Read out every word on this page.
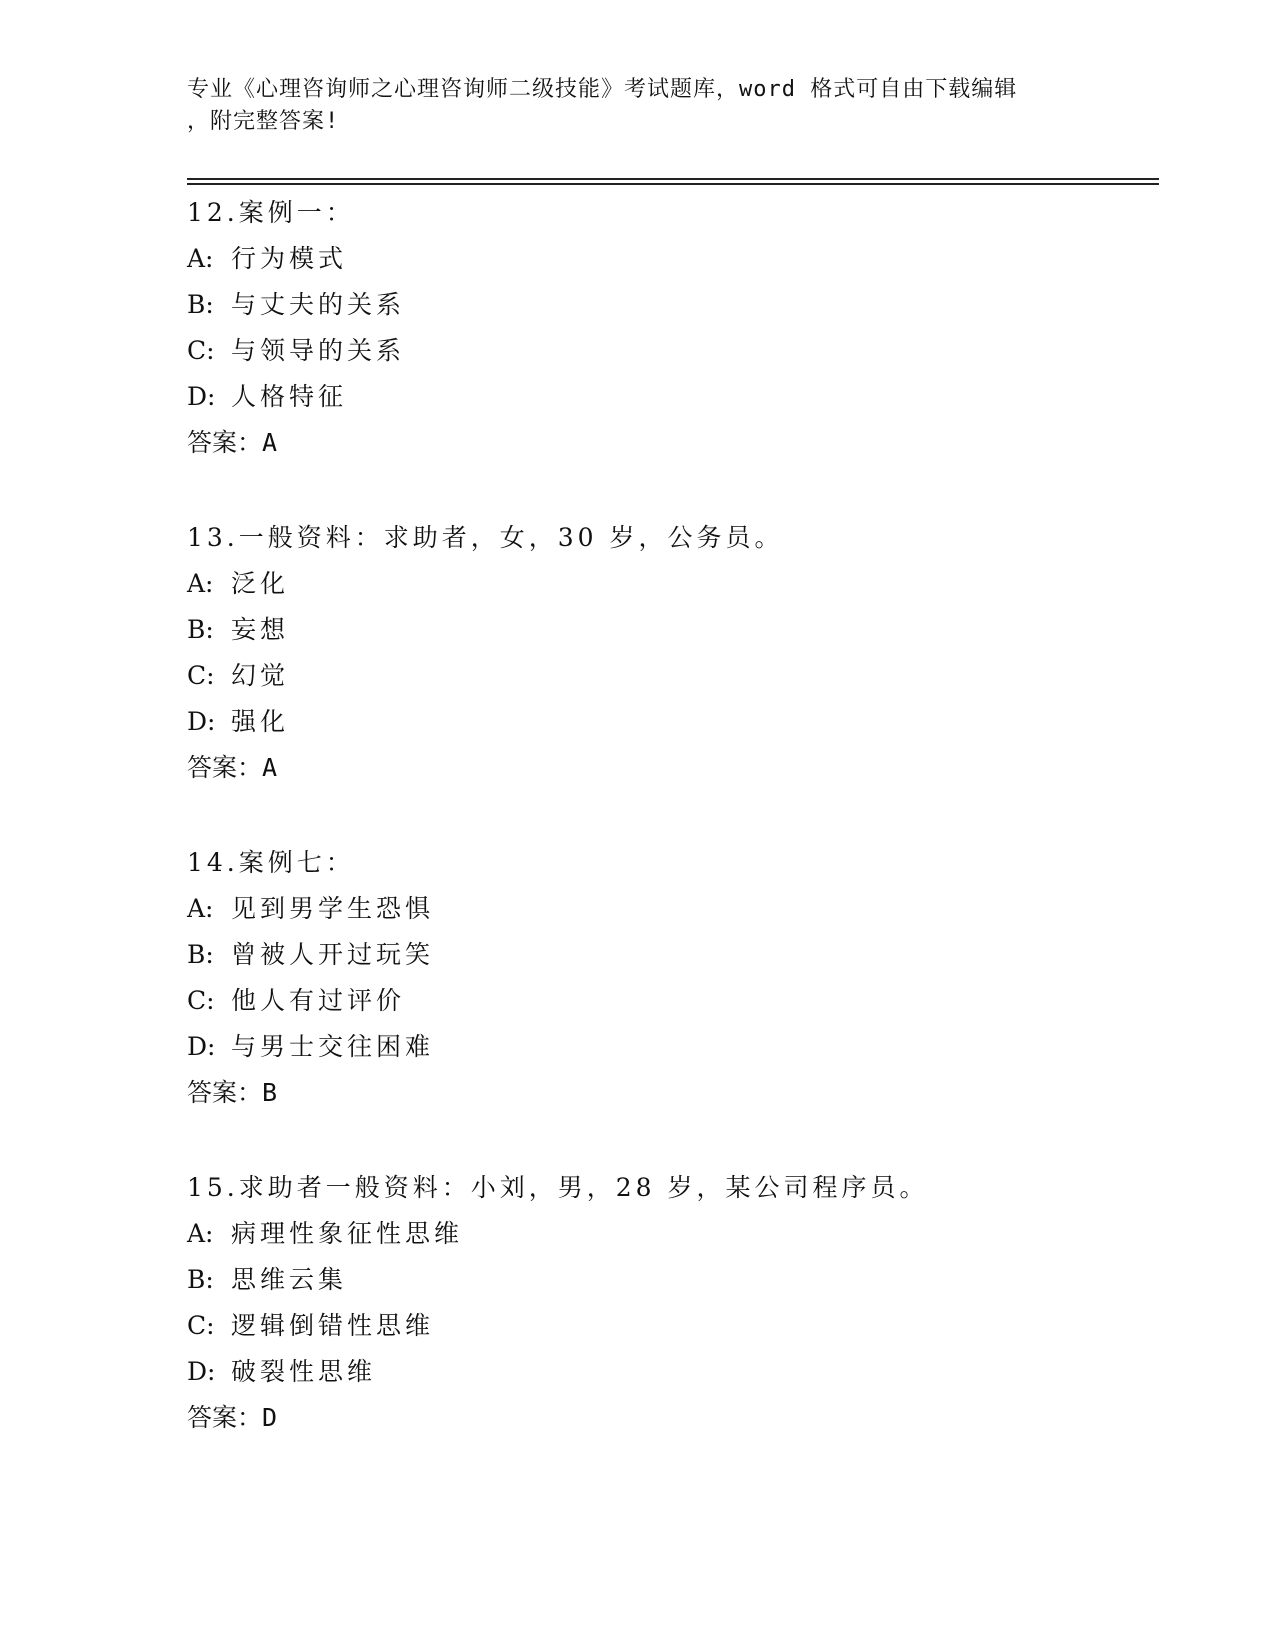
专业《心理咨询师之心理咨询师二级技能》考试题库，word 格式可自由下载编辑
，附完整答案!
12.案例一：
A: 行为模式
B: 与丈夫的关系
C: 与领导的关系
D: 人格特征
答案：A
13.一般资料：求助者，女，30 岁，公务员。
A: 泛化
B: 妄想
C: 幻觉
D: 强化
答案：A
14.案例七：
A: 见到男学生恐惧
B: 曾被人开过玩笑
C: 他人有过评价
D: 与男士交往困难
答案：B
15.求助者一般资料：小刘，男，28 岁，某公司程序员。
A: 病理性象征性思维
B: 思维云集
C: 逻辑倒错性思维
D: 破裂性思维
答案：D
